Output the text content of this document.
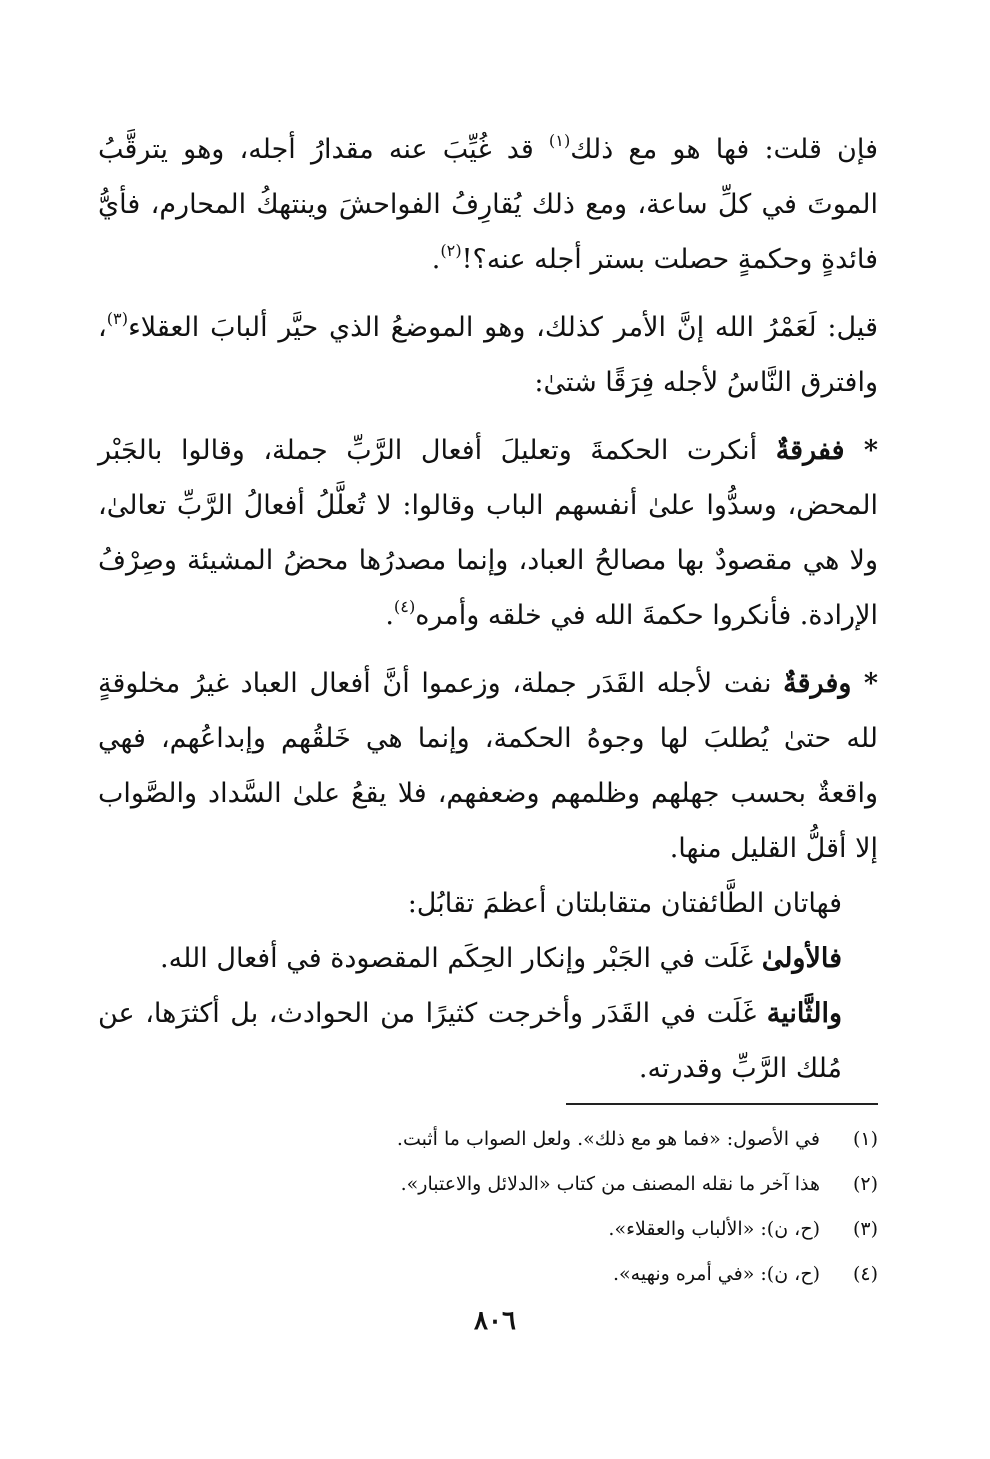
فإن قلت: فها هو مع ذلك$^{(١)}$ قد غُيِّبَ عنه مقدارُ أجله، وهو يترقَّبُ الموتَ في كلِّ ساعة، ومع ذلك يُقارِفُ الفواحشَ وينتهكُ المحارم، فأيُّ فائدةٍ وحكمةٍ حصلت بستر أجله عنه؟!$^{(٢)}$.

قيل: لَعَمْرُ الله إنَّ الأمر كذلك، وهو الموضعُ الذي حيَّر ألبابَ العقلاء$^{(٣)}$، وافترق النَّاسُ لأجله فِرَقًا شتىٰ:

* ففرقةٌ أنكرت الحكمةَ وتعليلَ أفعال الرَّبِّ جملة، وقالوا بالجَبْر المحض، وسدُّوا علىٰ أنفسهم الباب وقالوا: لا تُعلَّلُ أفعالُ الرَّبِّ تعالىٰ، ولا هي مقصودٌ بها مصالحُ العباد، وإنما مصدرُها محضُ المشيئة وصِرْفُ الإرادة. فأنكروا حكمةَ الله في خلقه وأمره$^{(٤)}$.

* وفرقةٌ نفت لأجله القَدَر جملة، وزعموا أنَّ أفعال العباد غيرُ مخلوقةٍ لله حتىٰ يُطلبَ لها وجوهُ الحكمة، وإنما هي خَلقُهم وإبداعُهم، فهي واقعةٌ بحسب جهلهم وظلمهم وضعفهم، فلا يقعُ علىٰ السَّداد والصَّواب إلا أقلُّ القليل منها.

فهاتان الطَّائفتان متقابلتان أعظمَ تقابُل:

فالأولىٰ غَلَت في الجَبْر وإنكار الحِكَم المقصودة في أفعال الله.

والثَّانية غَلَت في القَدَر وأخرجت كثيرًا من الحوادث، بل أكثرَها، عن مُلك الرَّبِّ وقدرته.

(١)في الأصول: «فما هو مع ذلك». ولعل الصواب ما أثبت.
(٢)هذا آخر ما نقله المصنف من كتاب «الدلائل والاعتبار».
(٣)(ح، ن): «الألباب والعقلاء».
(٤)(ح، ن): «في أمره ونهيه».
٨٠٦
